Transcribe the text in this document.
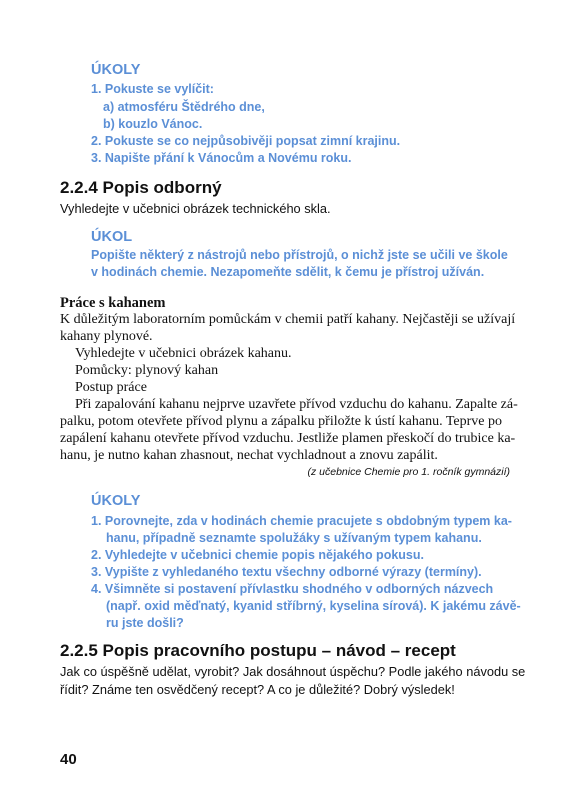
ÚKOLY
1. Pokuste se vylíčit:
a) atmosféru Štědrého dne,
b) kouzlo Vánoc.
2. Pokuste se co nejpůsobivěji popsat zimní krajinu.
3. Napište přání k Vánocům a Novému roku.
2.2.4 Popis odborný
Vyhledejte v učebnici obrázek technického skla.
ÚKOL
Popište některý z nástrojů nebo přístrojů, o nichž jste se učili ve škole
v hodinách chemie. Nezapomeňte sdělit, k čemu je přístroj užíván.
Práce s kahanem
K důležitým laboratorním pomůckám v chemii patří kahany. Nejčastěji se užívají
kahany plynové.
Vyhledejte v učebnici obrázek kahanu.
Pomůcky: plynový kahan
Postup práce
Při zapalování kahanu nejprve uzavřete přívod vzduchu do kahanu. Zapalte zá-
palku, potom otevřete přívod plynu a zápalku přiložte k ústí kahanu. Teprve po
zapálení kahanu otevřete přívod vzduchu. Jestliže plamen přeskočí do trubice ka-
hanu, je nutno kahan zhasnout, nechat vychladnout a znovu zapálit.
(z učebnice Chemie pro 1. ročník gymnázií)
ÚKOLY
1. Porovnejte, zda v hodinách chemie pracujete s obdobným typem ka-
hanu, případně seznamte spolužáky s užívaným typem kahanu.
2. Vyhledejte v učebnici chemie popis nějakého pokusu.
3. Vypište z vyhledaného textu všechny odborné výrazy (termíny).
4. Všimněte si postavení přívlastku shodného v odborných názvech
(např. oxid měďnatý, kyanid stříbrný, kyselina sírová). K jakému závě-
ru jste došli?
2.2.5 Popis pracovního postupu – návod – recept
Jak co úspěšně udělat, vyrobit? Jak dosáhnout úspěchu? Podle jakého návodu se
řídit? Známe ten osvědčený recept? A co je důležité? Dobrý výsledek!
40
